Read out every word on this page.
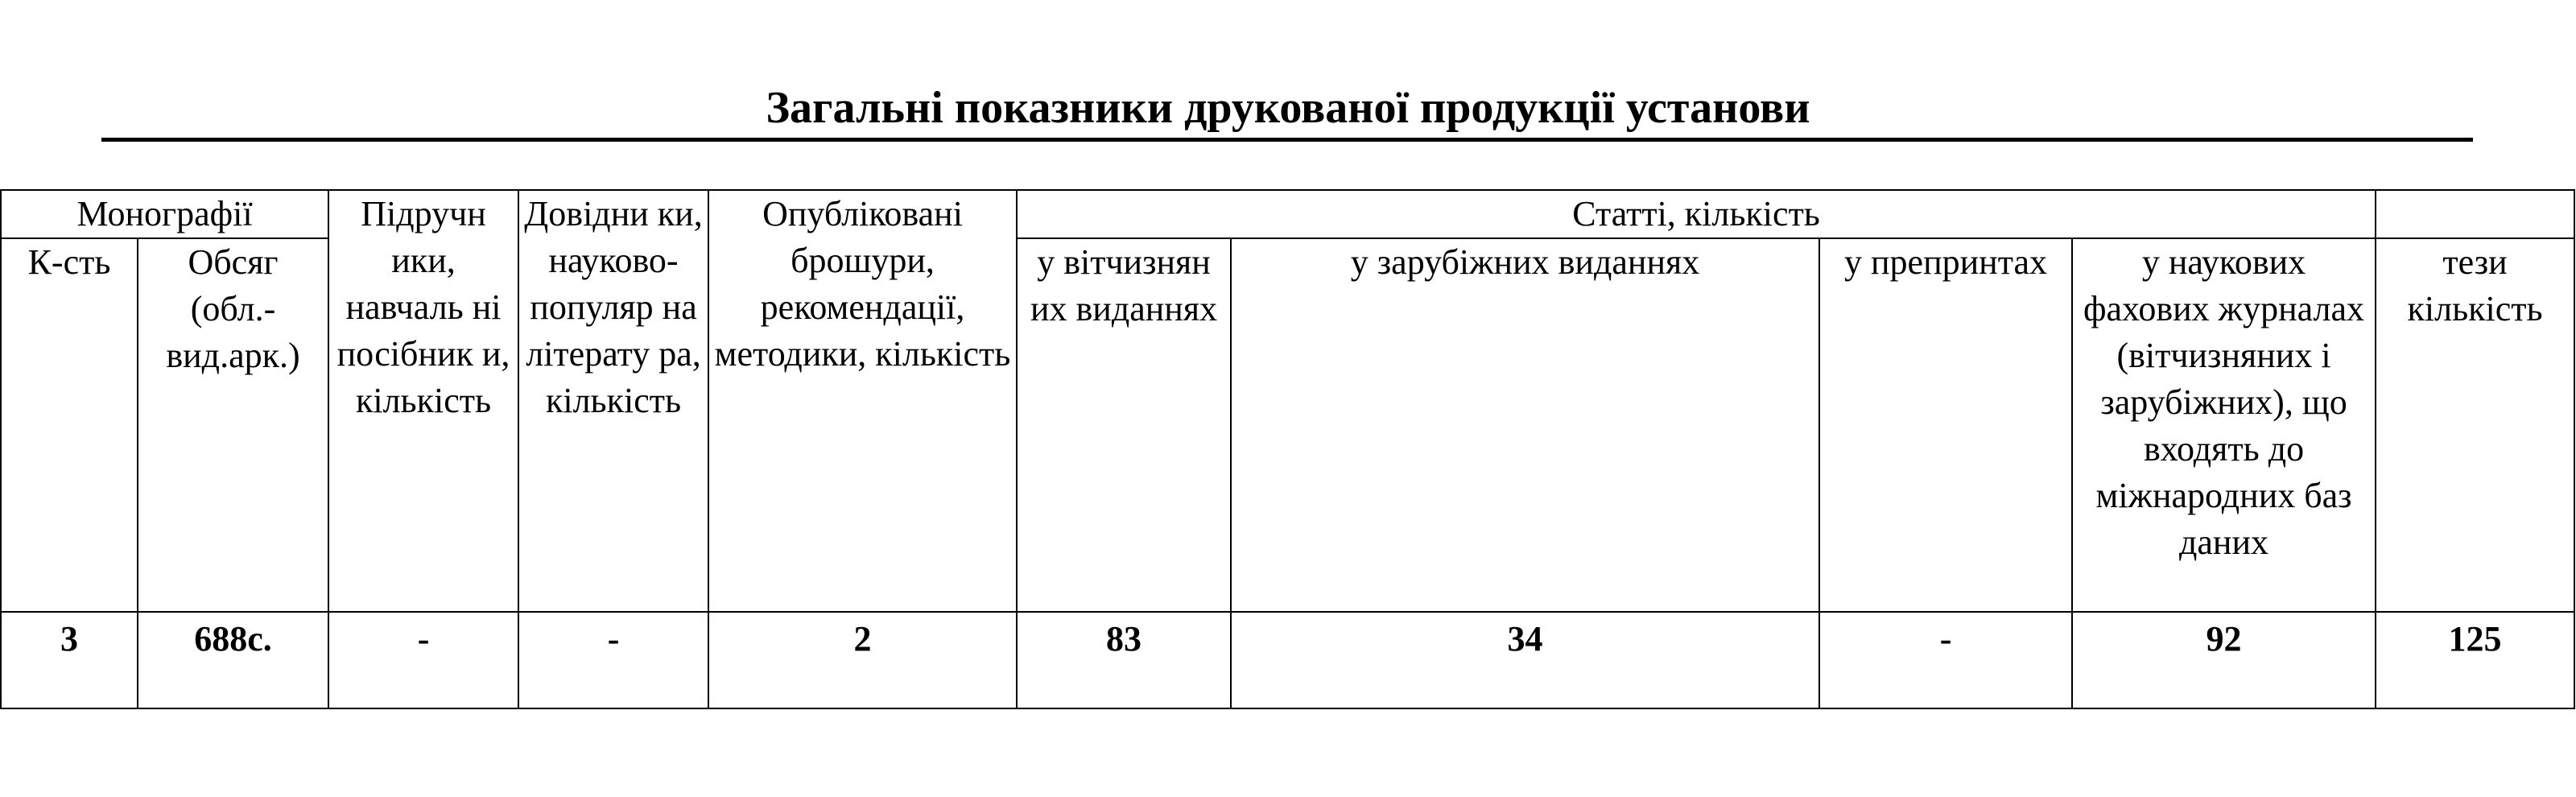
Загальні показники друкованої продукції установи
Монографії		Підручн ики, навчаль ні посібник и, кількість	Довідни ки, науково-популяр на літерату ра, кількість	Опубліковані брошури, рекомендації, методики, кількість	Статті, кількість				
К-сть	Обсяг (обл.-вид.арк.)				у вітчизнян их виданнях	у зарубіжних виданнях	у препринтах	у наукових фахових журналах (вітчизняних і зарубіжних), що входять до міжнародних баз даних	тези кількість
3	688с.	-	-	2	83	34	-	92	125
